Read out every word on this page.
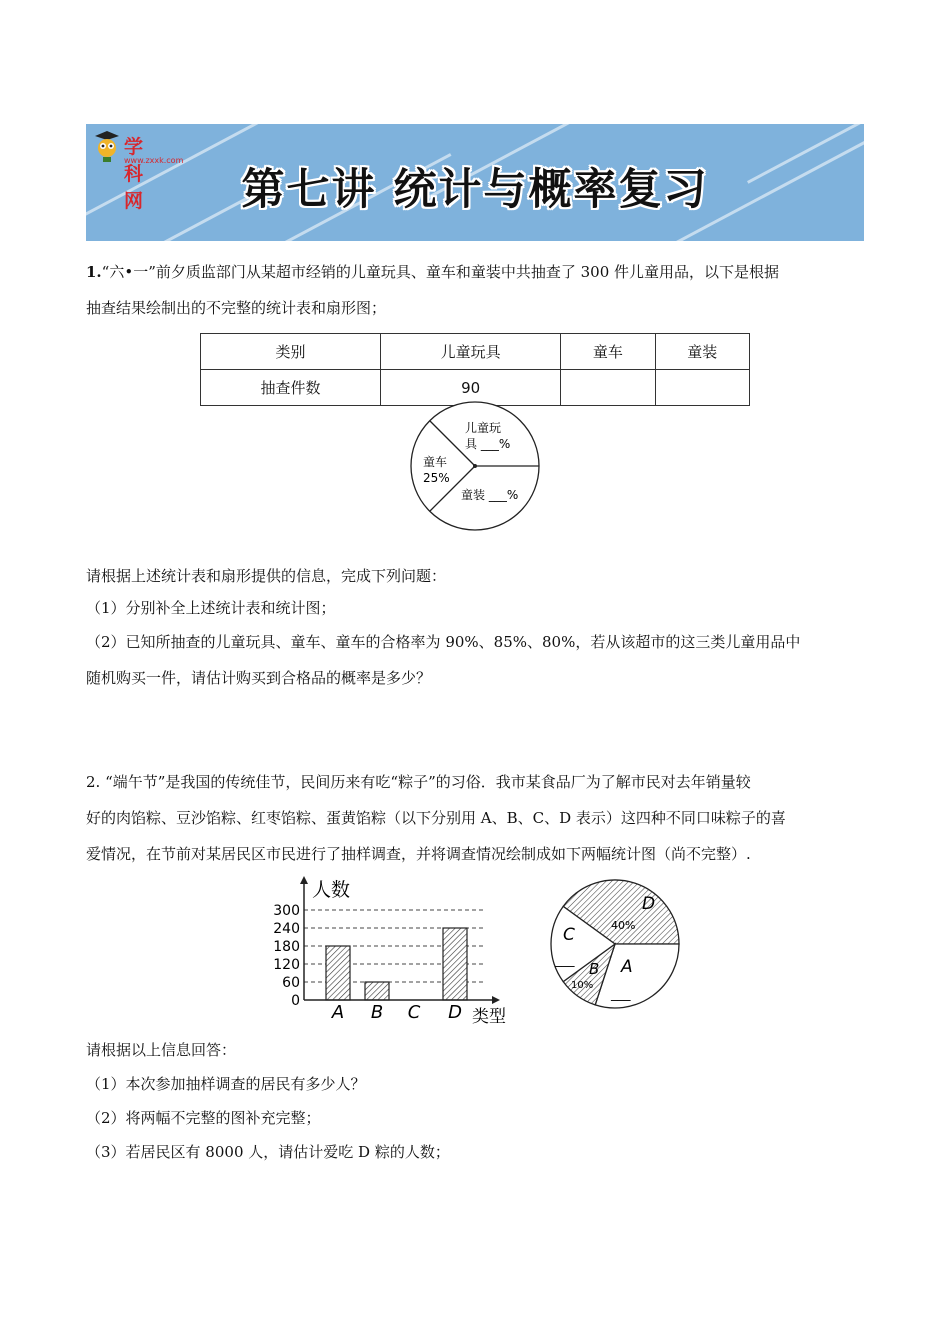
学科网
www.zxxk.com
第七讲 统计与概率复习
1.“六•一”前夕质监部门从某超市经销的儿童玩具、童车和童装中共抽查了 300 件儿童用品，以下是根据
抽查结果绘制出的不完整的统计表和扇形图；
类别	儿童玩具	童车	童装
抽查件数	90		
儿童玩
具 ___%
童车
25%
童装 ___%
请根据上述统计表和扇形提供的信息，完成下列问题：
（1）分别补全上述统计表和统计图；
（2）已知所抽查的儿童玩具、童车、童车的合格率为 90%、85%、80%，若从该超市的这三类儿童用品中
随机购买一件，请估计购买到合格品的概率是多少？
2. “端午节”是我国的传统佳节，民间历来有吃“粽子”的习俗．我市某食品厂为了解市民对去年销量较
好的肉馅粽、豆沙馅粽、红枣馅粽、蛋黄馅粽（以下分别用 A、B、C、D 表示）这四种不同口味粽子的喜
爱情况，在节前对某居民区市民进行了抽样调查，并将调查情况绘制成如下两幅统计图（尚不完整）.
人数
类型
0
60
120
180
240
300
A B C D
D
40%
A
___
B
10%
C
___
请根据以上信息回答：
（1）本次参加抽样调查的居民有多少人？
（2）将两幅不完整的图补充完整；
（3）若居民区有 8000 人，请估计爱吃 D 粽的人数；
